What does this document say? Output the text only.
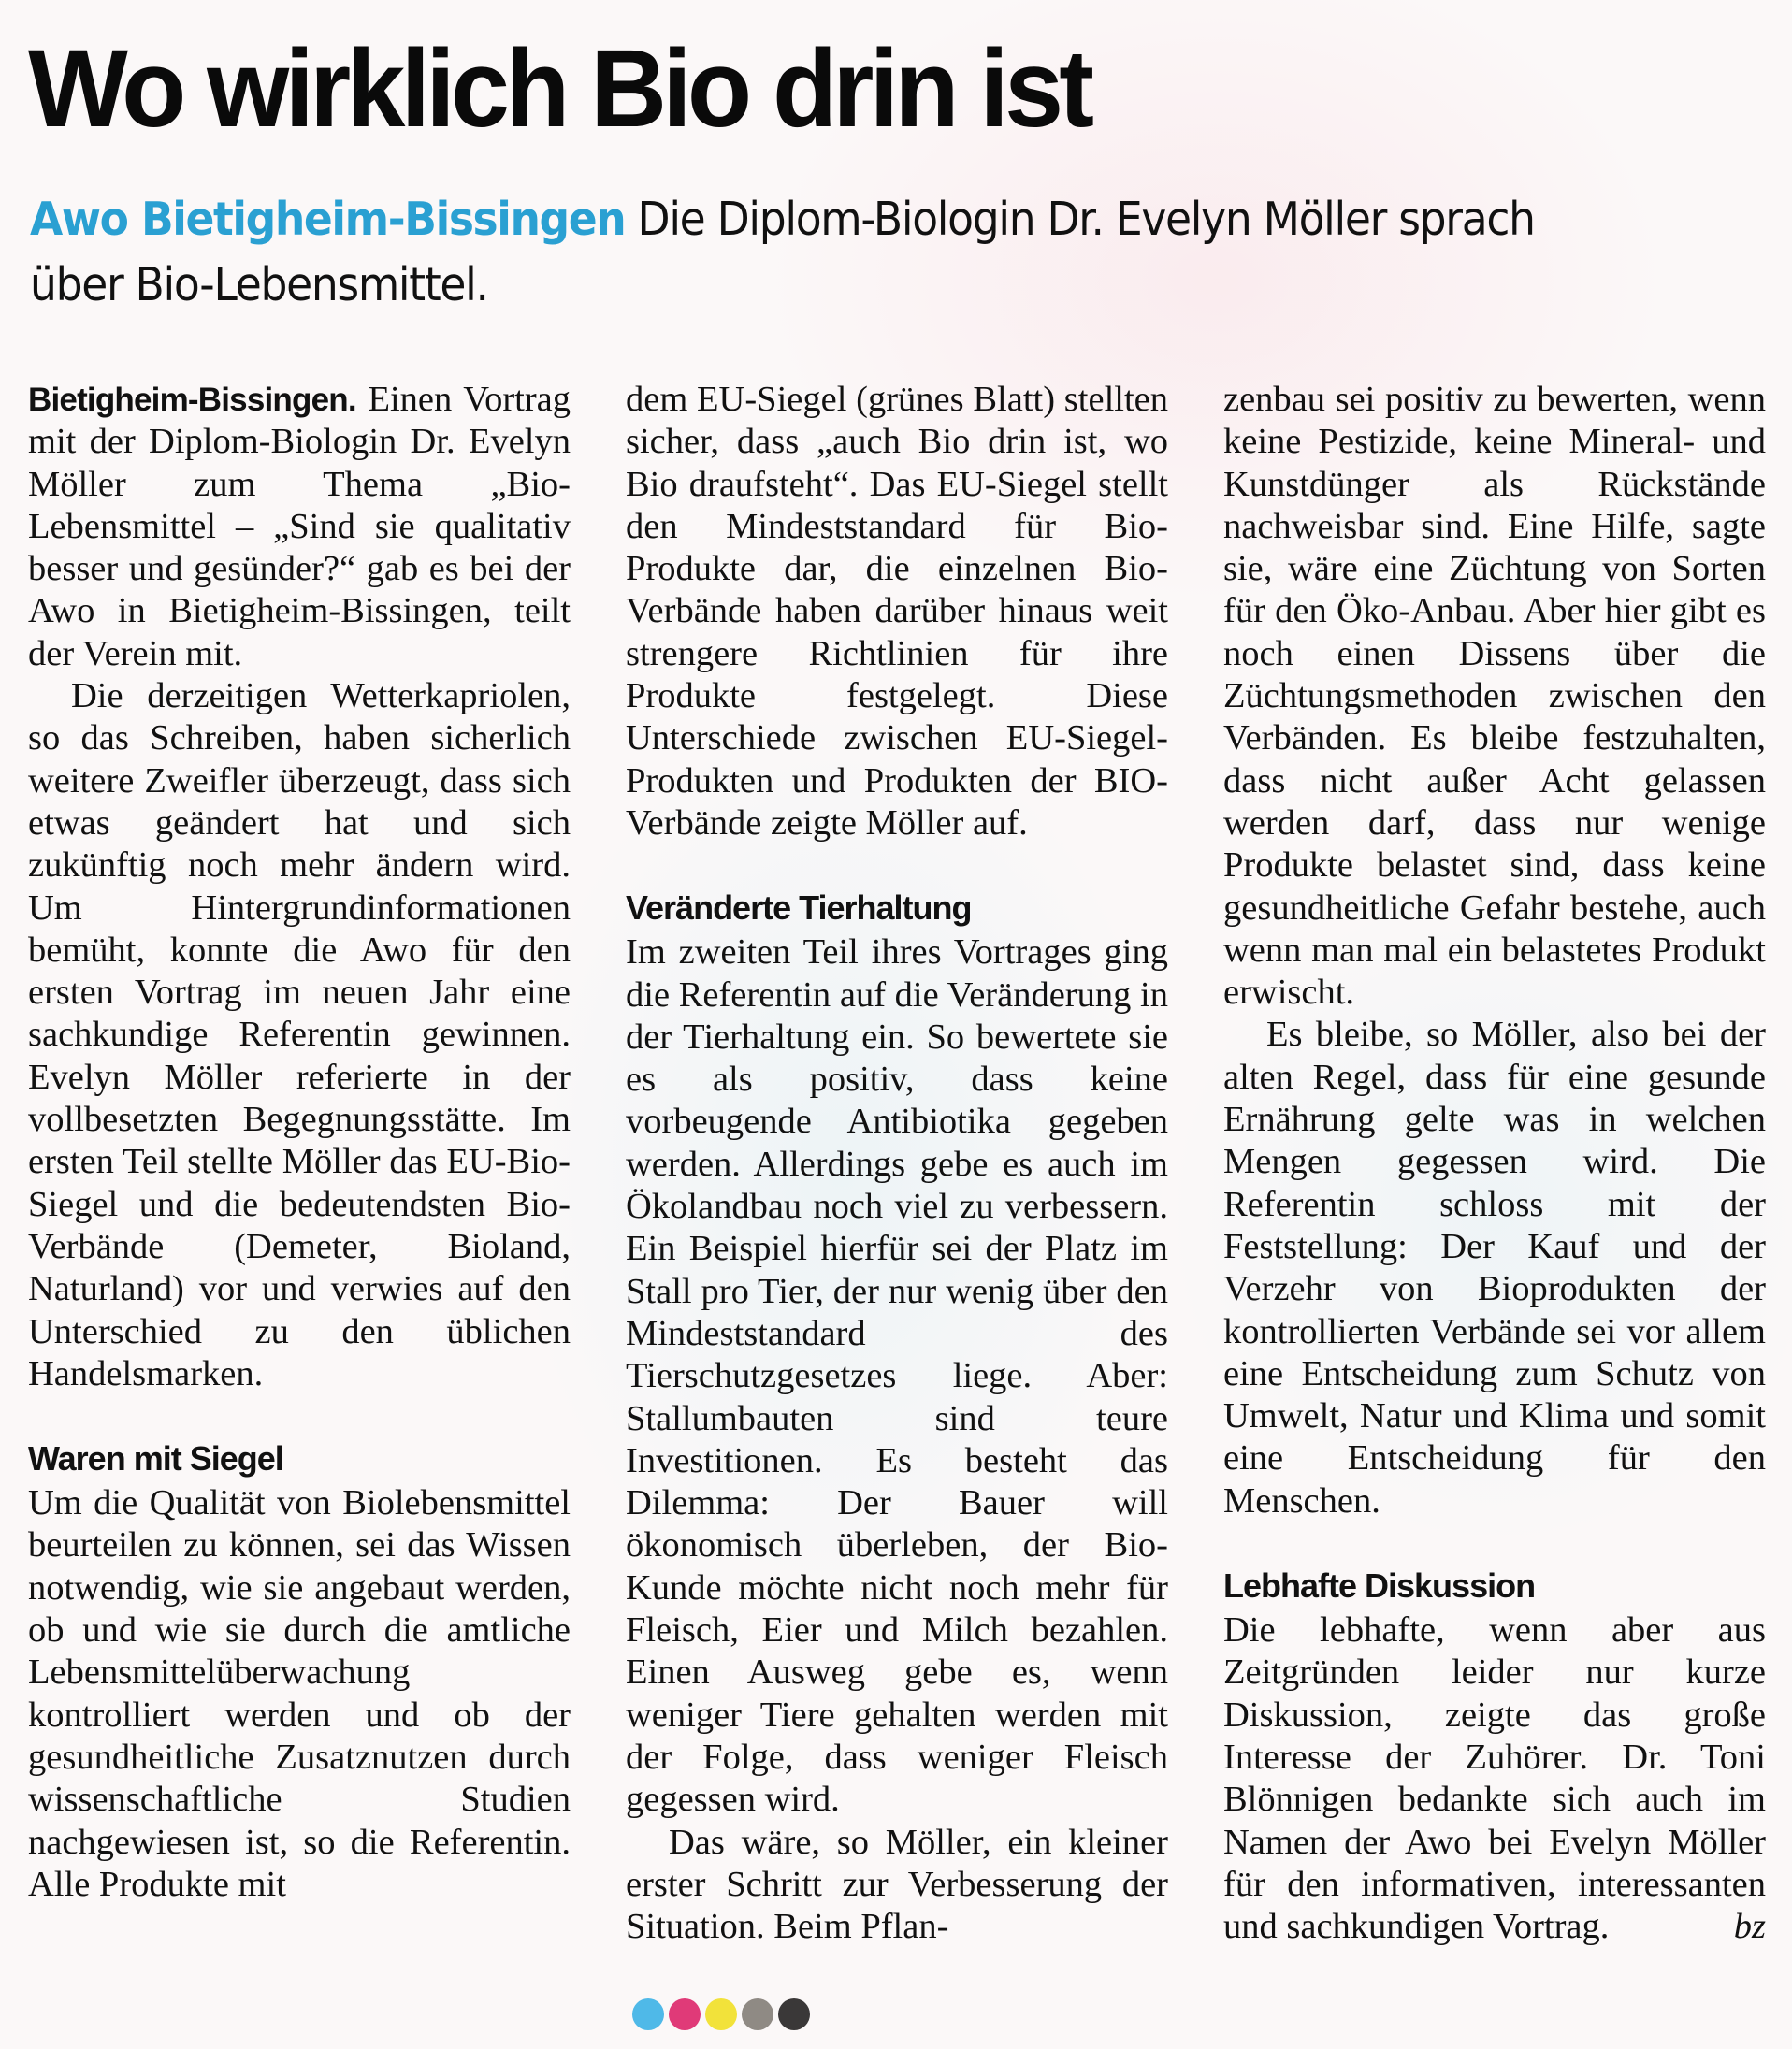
Wo wirklich Bio drin ist

Awo Bietigheim-Bissingen Die Diplom-Biologin Dr. Evelyn Möller sprach über Bio-Lebensmittel.

Bietigheim-Bissingen. Einen Vortrag mit der Diplom-Biologin Dr. Evelyn Möller zum Thema „Bio-Lebensmittel – „Sind sie qualitativ besser und gesünder?“ gab es bei der Awo in Bietigheim-Bissingen, teilt der Verein mit.

Die derzeitigen Wetterkapriolen, so das Schreiben, haben sicherlich weitere Zweifler überzeugt, dass sich etwas geändert hat und sich zukünftig noch mehr ändern wird. Um Hintergrundinformationen bemüht, konnte die Awo für den ersten Vortrag im neuen Jahr eine sachkundige Referentin gewinnen. Evelyn Möller referierte in der vollbesetzten Begegnungsstätte. Im ersten Teil stellte Möller das EU-Bio-Siegel und die bedeutendsten Bio-Verbände (Demeter, Bioland, Naturland) vor und verwies auf den Unterschied zu den üblichen Handelsmarken.

Waren mit Siegel

Um die Qualität von Biolebensmittel beurteilen zu können, sei das Wissen notwendig, wie sie angebaut werden, ob und wie sie durch die amtliche Lebensmittelüberwachung kontrolliert werden und ob der gesundheitliche Zusatznutzen durch wissenschaftliche Studien nachgewiesen ist, so die Referentin. Alle Produkte mit

dem EU-Siegel (grünes Blatt) stellten sicher, dass „auch Bio drin ist, wo Bio draufsteht“. Das EU-Siegel stellt den Mindeststandard für Bio-Produkte dar, die einzelnen Bio-Verbände haben darüber hinaus weit strengere Richtlinien für ihre Produkte festgelegt. Diese Unterschiede zwischen EU-Siegel-Produkten und Produkten der BIO-Verbände zeigte Möller auf.

Veränderte Tierhaltung

Im zweiten Teil ihres Vortrages ging die Referentin auf die Veränderung in der Tierhaltung ein. So bewertete sie es als positiv, dass keine vorbeugende Antibiotika gegeben werden. Allerdings gebe es auch im Ökolandbau noch viel zu verbessern. Ein Beispiel hierfür sei der Platz im Stall pro Tier, der nur wenig über den Mindeststandard des Tierschutzgesetzes liege. Aber: Stallumbauten sind teure Investitionen. Es besteht das Dilemma: Der Bauer will ökonomisch überleben, der Bio-Kunde möchte nicht noch mehr für Fleisch, Eier und Milch bezahlen. Einen Ausweg gebe es, wenn weniger Tiere gehalten werden mit der Folge, dass weniger Fleisch gegessen wird.

Das wäre, so Möller, ein kleiner erster Schritt zur Verbesserung der Situation. Beim Pflan-

zenbau sei positiv zu bewerten, wenn keine Pestizide, keine Mineral- und Kunstdünger als Rückstände nachweisbar sind. Eine Hilfe, sagte sie, wäre eine Züchtung von Sorten für den Öko-Anbau. Aber hier gibt es noch einen Dissens über die Züchtungsmethoden zwischen den Verbänden. Es bleibe festzuhalten, dass nicht außer Acht gelassen werden darf, dass nur wenige Produkte belastet sind, dass keine gesundheitliche Gefahr bestehe, auch wenn man mal ein belastetes Produkt erwischt.

Es bleibe, so Möller, also bei der alten Regel, dass für eine gesunde Ernährung gelte was in welchen Mengen gegessen wird. Die Referentin schloss mit der Feststellung: Der Kauf und der Verzehr von Bioprodukten der kontrollierten Verbände sei vor allem eine Entscheidung zum Schutz von Umwelt, Natur und Klima und somit eine Entscheidung für den Menschen.

Lebhafte Diskussion

Die lebhafte, wenn aber aus Zeitgründen leider nur kurze Diskussion, zeigte das große Interesse der Zuhörer. Dr. Toni Blönnigen bedankte sich auch im Namen der Awo bei Evelyn Möller für den informativen, interessanten und sachkundigen Vortrag.	bz
